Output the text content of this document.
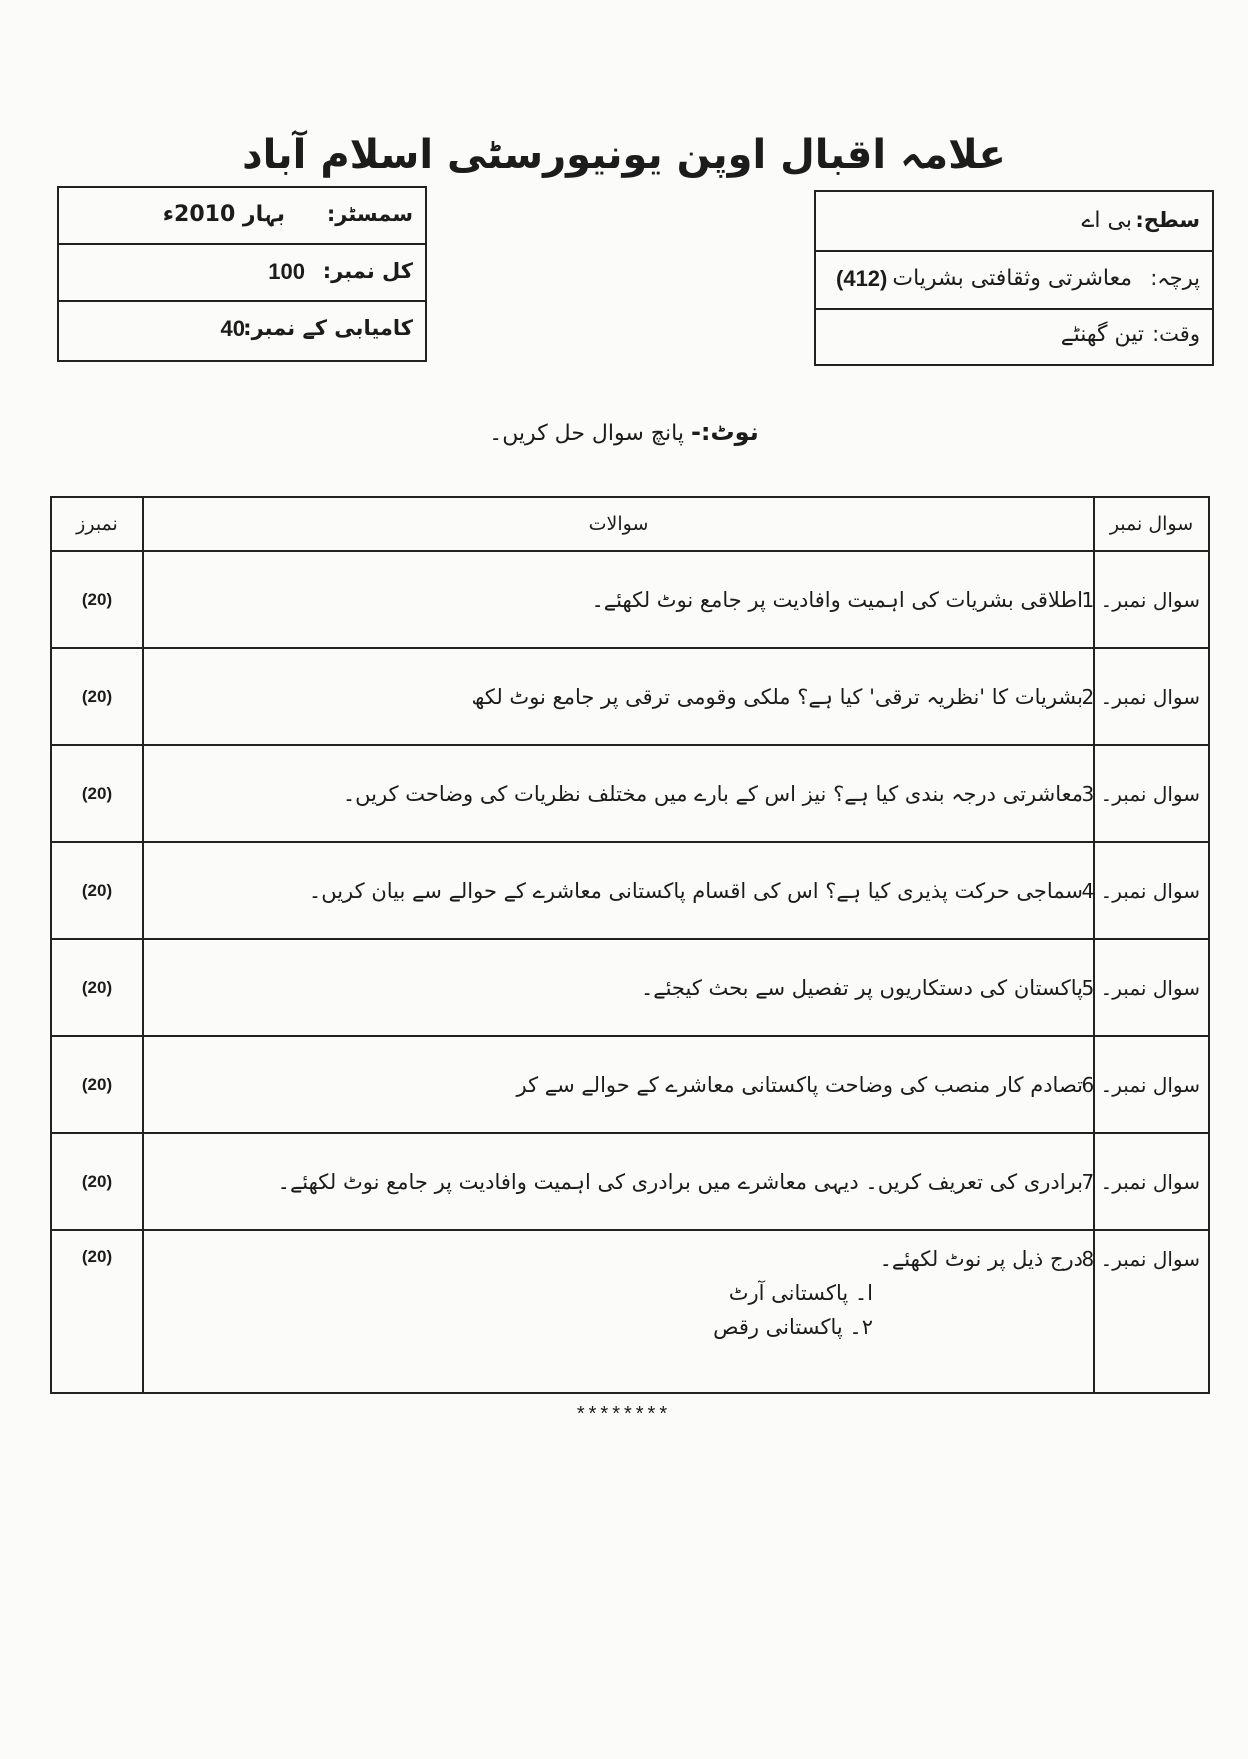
علامہ اقبال اوپن یونیورسٹی اسلام آباد
سمسٹر:
بہار 2010ء
کل نمبر:
100
کامیابی کے نمبر:
40
سطح:
بی اے
پرچہ:
معاشرتی وثقافتی بشریات
(412)
وقت:
تین گھنٹے
نوٹ:- پانچ سوال حل کریں۔
سوال نمبر	سوالات	نمبرز
سوال نمبر۔ 1	اطلاقی بشریات کی اہمیت وافادیت پر جامع نوٹ لکھئے۔	(20)
سوال نمبر۔ 2	بشریات کا 'نظریہ ترقی' کیا ہے؟ ملکی وقومی ترقی پر جامع نوٹ لکھ	(20)
سوال نمبر۔ 3	معاشرتی درجہ بندی کیا ہے؟ نیز اس کے بارے میں مختلف نظریات کی وضاحت کریں۔	(20)
سوال نمبر۔ 4	سماجی حرکت پذیری کیا ہے؟ اس کی اقسام پاکستانی معاشرے کے حوالے سے بیان کریں۔	(20)
سوال نمبر۔ 5	پاکستان کی دستکاریوں پر تفصیل سے بحث کیجئے۔	(20)
سوال نمبر۔ 6	تصادم کار منصب کی وضاحت پاکستانی معاشرے کے حوالے سے کر	(20)
سوال نمبر۔ 7	برادری کی تعریف کریں۔ دیہی معاشرے میں برادری کی اہمیت وافادیت پر جامع نوٹ لکھئے۔	(20)
سوال نمبر۔ 8	درج ذیل پر نوٹ لکھئے۔
ا۔ پاکستانی آرٹ
۲۔ پاکستانی رقص	(20)
********
